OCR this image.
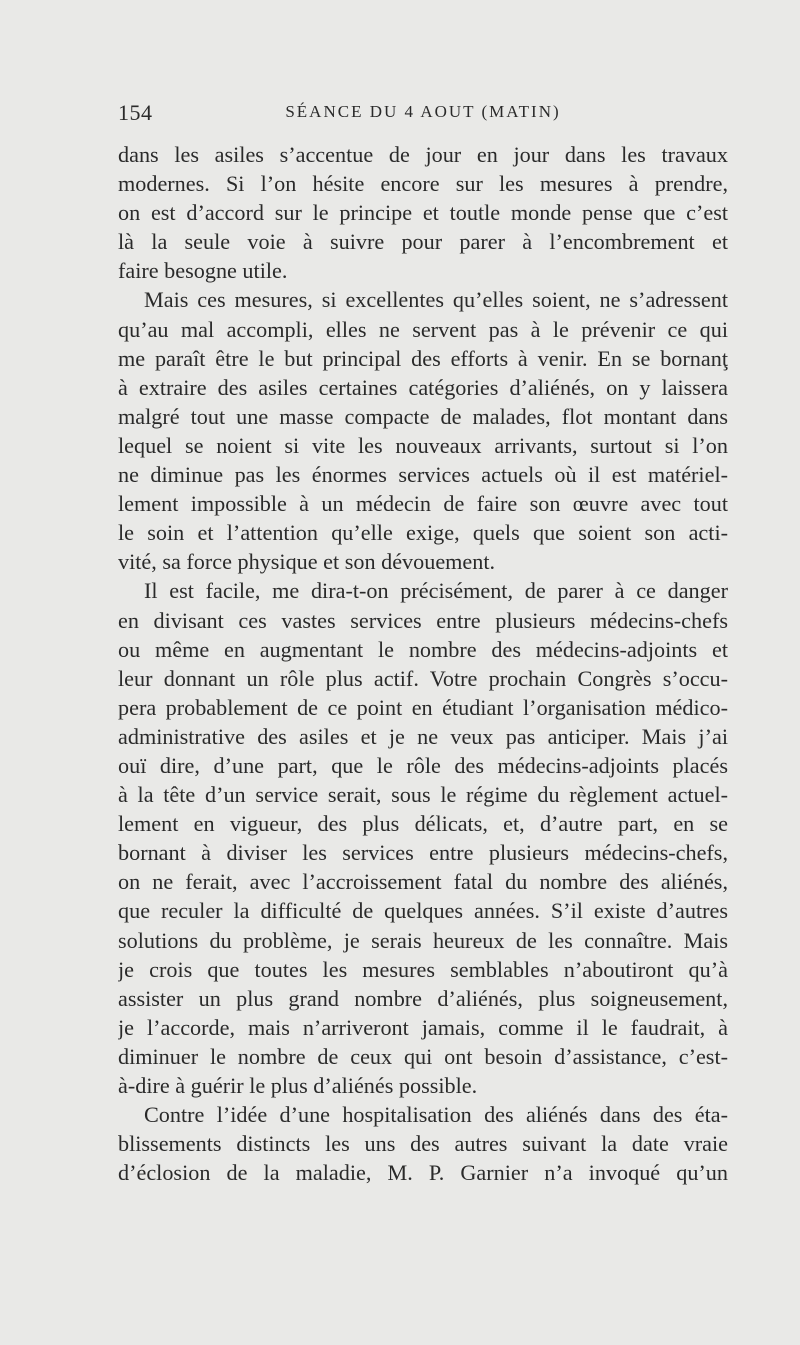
154	SÉANCE DU 4 AOUT (MATIN)
dans les asiles s’accentue de jour en jour dans les travaux
modernes. Si l’on hésite encore sur les mesures à prendre,
on est d’accord sur le principe et toutle monde pense que c’est
là la seule voie à suivre pour parer à l’encombrement et
faire besogne utile.
Mais ces mesures, si excellentes qu’elles soient, ne s’adressent
qu’au mal accompli, elles ne servent pas à le prévenir ce qui
me paraît être le but principal des efforts à venir. En se bornanţ
à extraire des asiles certaines catégories d’aliénés, on y laissera
malgré tout une masse compacte de malades, flot montant dans
lequel se noient si vite les nouveaux arrivants, surtout si l’on
ne diminue pas les énormes services actuels où il est matériel-
lement impossible à un médecin de faire son œuvre avec tout
le soin et l’attention qu’elle exige, quels que soient son acti-
vité, sa force physique et son dévouement.
Il est facile, me dira-t-on précisément, de parer à ce danger
en divisant ces vastes services entre plusieurs médecins-chefs
ou même en augmentant le nombre des médecins-adjoints et
leur donnant un rôle plus actif. Votre prochain Congrès s’occu-
pera probablement de ce point en étudiant l’organisation médico-
administrative des asiles et je ne veux pas anticiper. Mais j’ai
ouï dire, d’une part, que le rôle des médecins-adjoints placés
à la tête d’un service serait, sous le régime du règlement actuel-
lement en vigueur, des plus délicats, et, d’autre part, en se
bornant à diviser les services entre plusieurs médecins-chefs,
on ne ferait, avec l’accroissement fatal du nombre des aliénés,
que reculer la difficulté de quelques années. S’il existe d’autres
solutions du problème, je serais heureux de les connaître. Mais
je crois que toutes les mesures semblables n’aboutiront qu’à
assister un plus grand nombre d’aliénés, plus soigneusement,
je l’accorde, mais n’arriveront jamais, comme il le faudrait, à
diminuer le nombre de ceux qui ont besoin d’assistance, c’est-
à-dire à guérir le plus d’aliénés possible.
Contre l’idée d’une hospitalisation des aliénés dans des éta-
blissements distincts les uns des autres suivant la date vraie
d’éclosion de la maladie, M. P. Garnier n’a invoqué qu’un
